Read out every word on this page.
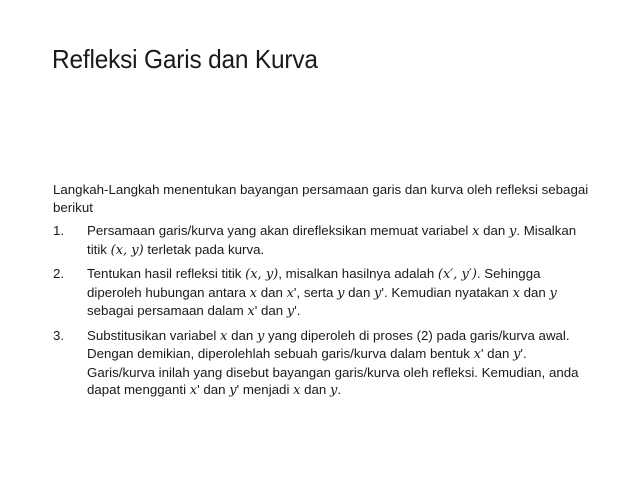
Refleksi Garis dan Kurva

Langkah-Langkah menentukan bayangan persamaan garis dan kurva oleh refleksi sebagai berikut

1.	Persamaan garis/kurva yang akan direfleksikan memuat variabel x dan y. Misalkan titik (x, y) terletak pada kurva.
2.	Tentukan hasil refleksi titik (x, y), misalkan hasilnya adalah (x′, y′). Sehingga diperoleh hubungan antara x dan x', serta y dan y'. Kemudian nyatakan x dan y sebagai persamaan dalam x' dan y'.
3.	Substitusikan variabel x dan y yang diperoleh di proses (2) pada garis/kurva awal. Dengan demikian, diperolehlah sebuah garis/kurva dalam bentuk x' dan y'. Garis/kurva inilah yang disebut bayangan garis/kurva oleh refleksi. Kemudian, anda dapat mengganti x' dan y' menjadi x dan y.
